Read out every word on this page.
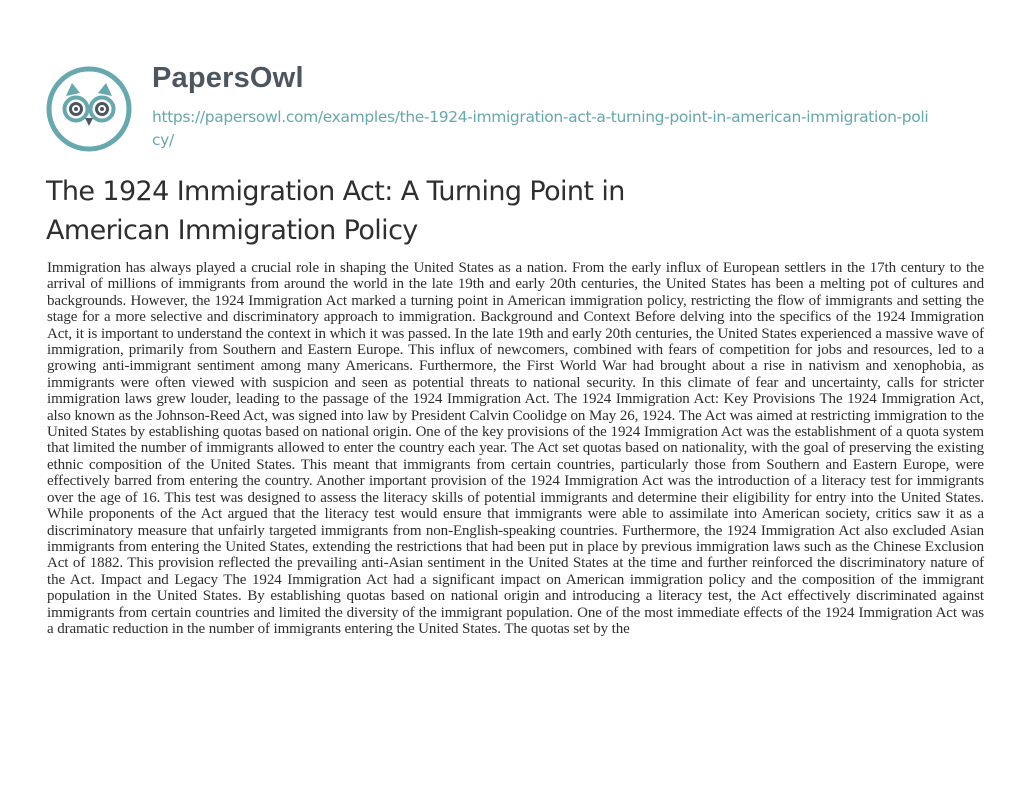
PapersOwl
https://papersowl.com/examples/the-1924-immigration-act-a-turning-point-in-american-immigration-policy/
The 1924 Immigration Act: A Turning Point in American Immigration Policy

Immigration has always played a crucial role in shaping the United States as a nation. From the early influx of European settlers in the 17th century to the arrival of millions of immigrants from around the world in the late 19th and early 20th centuries, the United States has been a melting pot of cultures and backgrounds. However, the 1924 Immigration Act marked a turning point in American immigration policy, restricting the flow of immigrants and setting the stage for a more selective and discriminatory approach to immigration. Background and Context Before delving into the specifics of the 1924 Immigration Act, it is important to understand the context in which it was passed. In the late 19th and early 20th centuries, the United States experienced a massive wave of immigration, primarily from Southern and Eastern Europe. This influx of newcomers, combined with fears of competition for jobs and resources, led to a growing anti-immigrant sentiment among many Americans. Furthermore, the First World War had brought about a rise in nativism and xenophobia, as immigrants were often viewed with suspicion and seen as potential threats to national security. In this climate of fear and uncertainty, calls for stricter immigration laws grew louder, leading to the passage of the 1924 Immigration Act. The 1924 Immigration Act: Key Provisions The 1924 Immigration Act, also known as the Johnson-Reed Act, was signed into law by President Calvin Coolidge on May 26, 1924. The Act was aimed at restricting immigration to the United States by establishing quotas based on national origin. One of the key provisions of the 1924 Immigration Act was the establishment of a quota system that limited the number of immigrants allowed to enter the country each year. The Act set quotas based on nationality, with the goal of preserving the existing ethnic composition of the United States. This meant that immigrants from certain countries, particularly those from Southern and Eastern Europe, were effectively barred from entering the country. Another important provision of the 1924 Immigration Act was the introduction of a literacy test for immigrants over the age of 16. This test was designed to assess the literacy skills of potential immigrants and determine their eligibility for entry into the United States. While proponents of the Act argued that the literacy test would ensure that immigrants were able to assimilate into American society, critics saw it as a discriminatory measure that unfairly targeted immigrants from non-English-speaking countries. Furthermore, the 1924 Immigration Act also excluded Asian immigrants from entering the United States, extending the restrictions that had been put in place by previous immigration laws such as the Chinese Exclusion Act of 1882. This provision reflected the prevailing anti-Asian sentiment in the United States at the time and further reinforced the discriminatory nature of the Act. Impact and Legacy The 1924 Immigration Act had a significant impact on American immigration policy and the composition of the immigrant population in the United States. By establishing quotas based on national origin and introducing a literacy test, the Act effectively discriminated against immigrants from certain countries and limited the diversity of the immigrant population. One of the most immediate effects of the 1924 Immigration Act was a dramatic reduction in the number of immigrants entering the United States. The quotas set by the
